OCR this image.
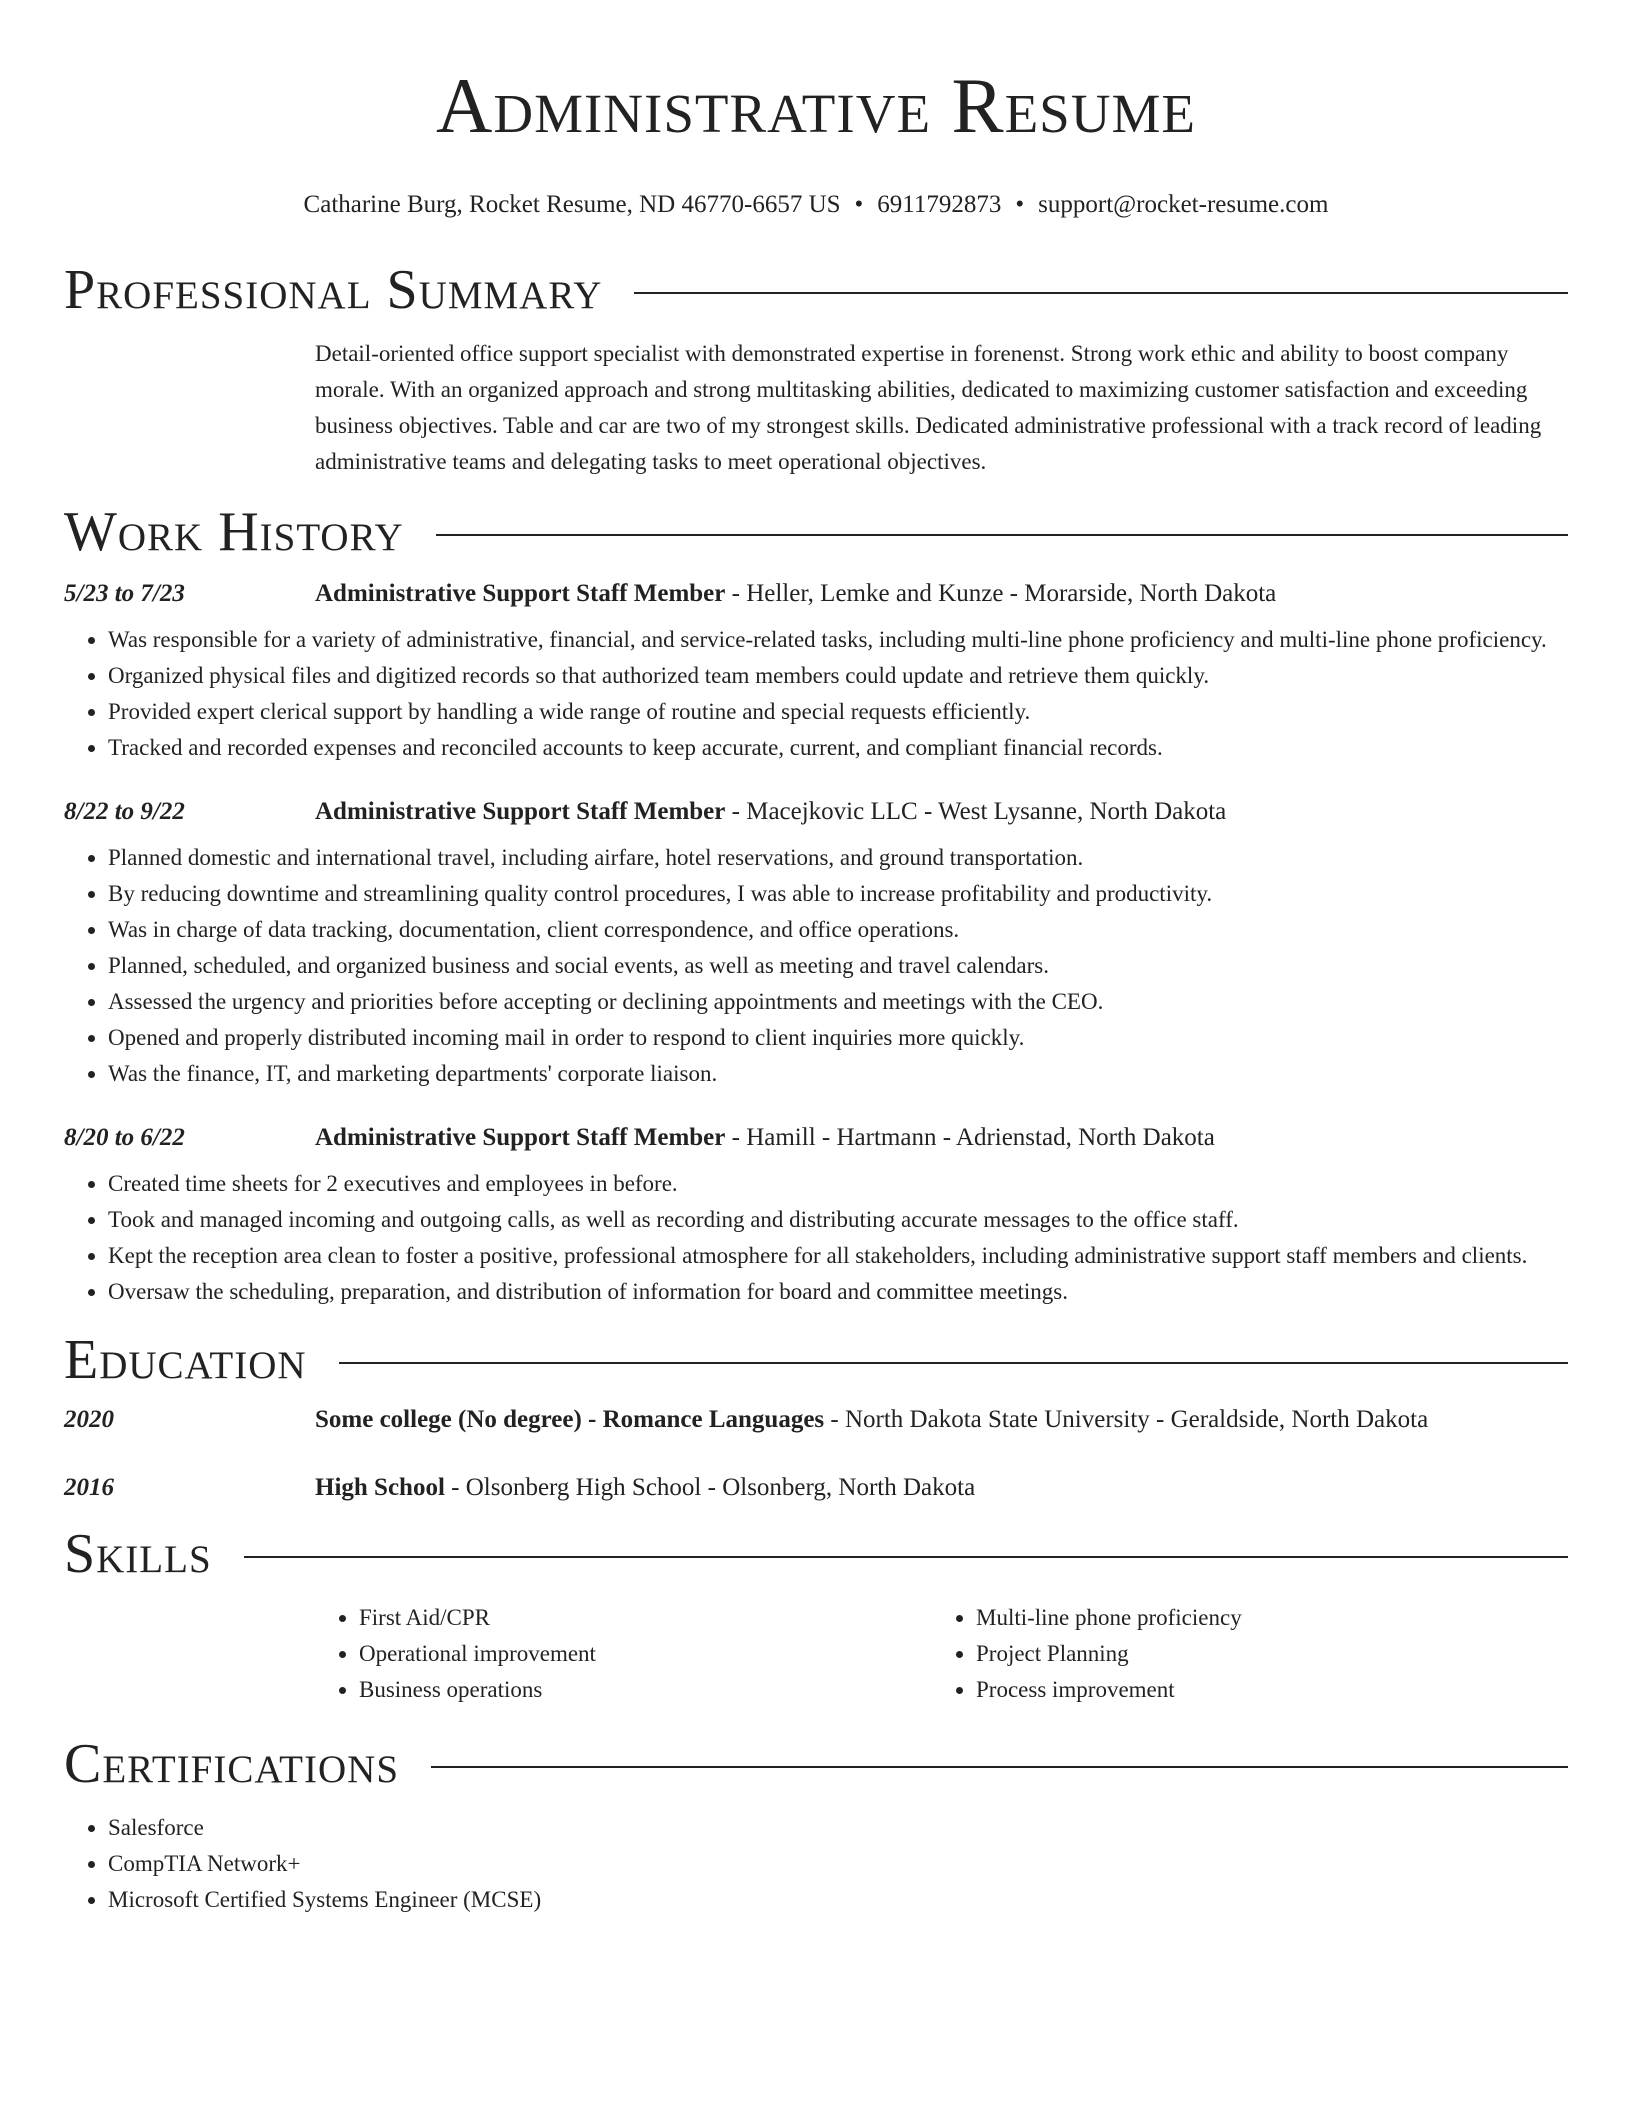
Administrative Resume
Catharine Burg, Rocket Resume, ND 46770-6657 US • 6911792873 • support@rocket-resume.com
Professional Summary
Detail-oriented office support specialist with demonstrated expertise in forenenst. Strong work ethic and ability to boost company morale. With an organized approach and strong multitasking abilities, dedicated to maximizing customer satisfaction and exceeding business objectives. Table and car are two of my strongest skills. Dedicated administrative professional with a track record of leading administrative teams and delegating tasks to meet operational objectives.
Work History
5/23 to 7/23	Administrative Support Staff Member - Heller, Lemke and Kunze - Morarside, North Dakota
• Was responsible for a variety of administrative, financial, and service-related tasks, including multi-line phone proficiency and multi-line phone proficiency.
• Organized physical files and digitized records so that authorized team members could update and retrieve them quickly.
• Provided expert clerical support by handling a wide range of routine and special requests efficiently.
• Tracked and recorded expenses and reconciled accounts to keep accurate, current, and compliant financial records.
8/22 to 9/22	Administrative Support Staff Member - Macejkovic LLC - West Lysanne, North Dakota
• Planned domestic and international travel, including airfare, hotel reservations, and ground transportation.
• By reducing downtime and streamlining quality control procedures, I was able to increase profitability and productivity.
• Was in charge of data tracking, documentation, client correspondence, and office operations.
• Planned, scheduled, and organized business and social events, as well as meeting and travel calendars.
• Assessed the urgency and priorities before accepting or declining appointments and meetings with the CEO.
• Opened and properly distributed incoming mail in order to respond to client inquiries more quickly.
• Was the finance, IT, and marketing departments' corporate liaison.
8/20 to 6/22	Administrative Support Staff Member - Hamill - Hartmann - Adrienstad, North Dakota
• Created time sheets for 2 executives and employees in before.
• Took and managed incoming and outgoing calls, as well as recording and distributing accurate messages to the office staff.
• Kept the reception area clean to foster a positive, professional atmosphere for all stakeholders, including administrative support staff members and clients.
• Oversaw the scheduling, preparation, and distribution of information for board and committee meetings.
Education
2020	Some college (No degree) - Romance Languages - North Dakota State University - Geraldside, North Dakota
2016	High School - Olsonberg High School - Olsonberg, North Dakota
Skills
• First Aid/CPR
• Operational improvement
• Business operations
• Multi-line phone proficiency
• Project Planning
• Process improvement
Certifications
• Salesforce
• CompTIA Network+
• Microsoft Certified Systems Engineer (MCSE)
